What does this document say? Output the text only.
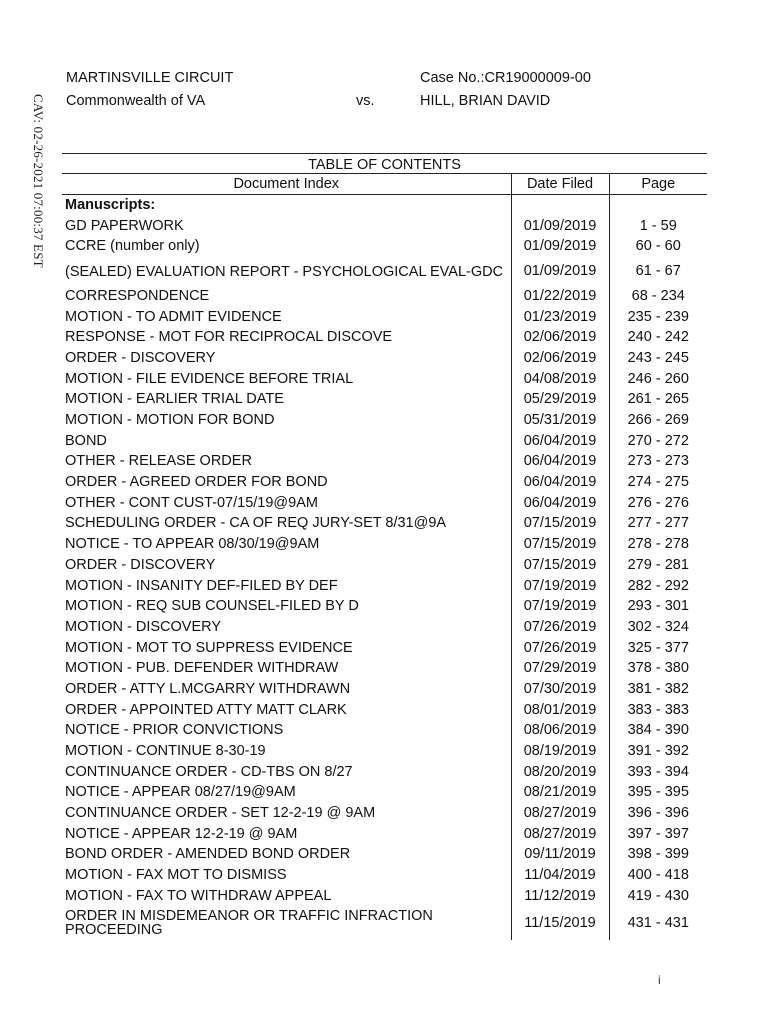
CAV: 02-26-2021 07:00:37 EST
MARTINSVILLE CIRCUIT	Case No.:CR19000009-00
Commonwealth of VA	vs.	HILL, BRIAN DAVID
TABLE OF CONTENTS		
Document Index	Date Filed	Page
Manuscripts:		
GD PAPERWORK	01/09/2019	1 - 59
CCRE (number only)	01/09/2019	60 - 60
(SEALED) EVALUATION REPORT - PSYCHOLOGICAL EVAL-GDC	01/09/2019	61 - 67
CORRESPONDENCE	01/22/2019	68 - 234
MOTION - TO ADMIT EVIDENCE	01/23/2019	235 - 239
RESPONSE - MOT FOR RECIPROCAL DISCOVE	02/06/2019	240 - 242
ORDER - DISCOVERY	02/06/2019	243 - 245
MOTION - FILE EVIDENCE BEFORE TRIAL	04/08/2019	246 - 260
MOTION - EARLIER TRIAL DATE	05/29/2019	261 - 265
MOTION - MOTION FOR BOND	05/31/2019	266 - 269
BOND	06/04/2019	270 - 272
OTHER - RELEASE ORDER	06/04/2019	273 - 273
ORDER - AGREED ORDER FOR BOND	06/04/2019	274 - 275
OTHER - CONT CUST-07/15/19@9AM	06/04/2019	276 - 276
SCHEDULING ORDER - CA OF REQ JURY-SET 8/31@9A	07/15/2019	277 - 277
NOTICE - TO APPEAR 08/30/19@9AM	07/15/2019	278 - 278
ORDER - DISCOVERY	07/15/2019	279 - 281
MOTION - INSANITY DEF-FILED BY DEF	07/19/2019	282 - 292
MOTION - REQ SUB COUNSEL-FILED BY D	07/19/2019	293 - 301
MOTION - DISCOVERY	07/26/2019	302 - 324
MOTION - MOT TO SUPPRESS EVIDENCE	07/26/2019	325 - 377
MOTION - PUB. DEFENDER WITHDRAW	07/29/2019	378 - 380
ORDER - ATTY L.MCGARRY WITHDRAWN	07/30/2019	381 - 382
ORDER - APPOINTED ATTY MATT CLARK	08/01/2019	383 - 383
NOTICE - PRIOR CONVICTIONS	08/06/2019	384 - 390
MOTION - CONTINUE 8-30-19	08/19/2019	391 - 392
CONTINUANCE ORDER - CD-TBS ON 8/27	08/20/2019	393 - 394
NOTICE - APPEAR 08/27/19@9AM	08/21/2019	395 - 395
CONTINUANCE ORDER - SET 12-2-19 @ 9AM	08/27/2019	396 - 396
NOTICE - APPEAR 12-2-19 @ 9AM	08/27/2019	397 - 397
BOND ORDER - AMENDED BOND ORDER	09/11/2019	398 - 399
MOTION - FAX MOT TO DISMISS	11/04/2019	400 - 418
MOTION - FAX TO WITHDRAW APPEAL	11/12/2019	419 - 430
ORDER IN MISDEMEANOR OR TRAFFIC INFRACTION PROCEEDING	11/15/2019	431 - 431
i
